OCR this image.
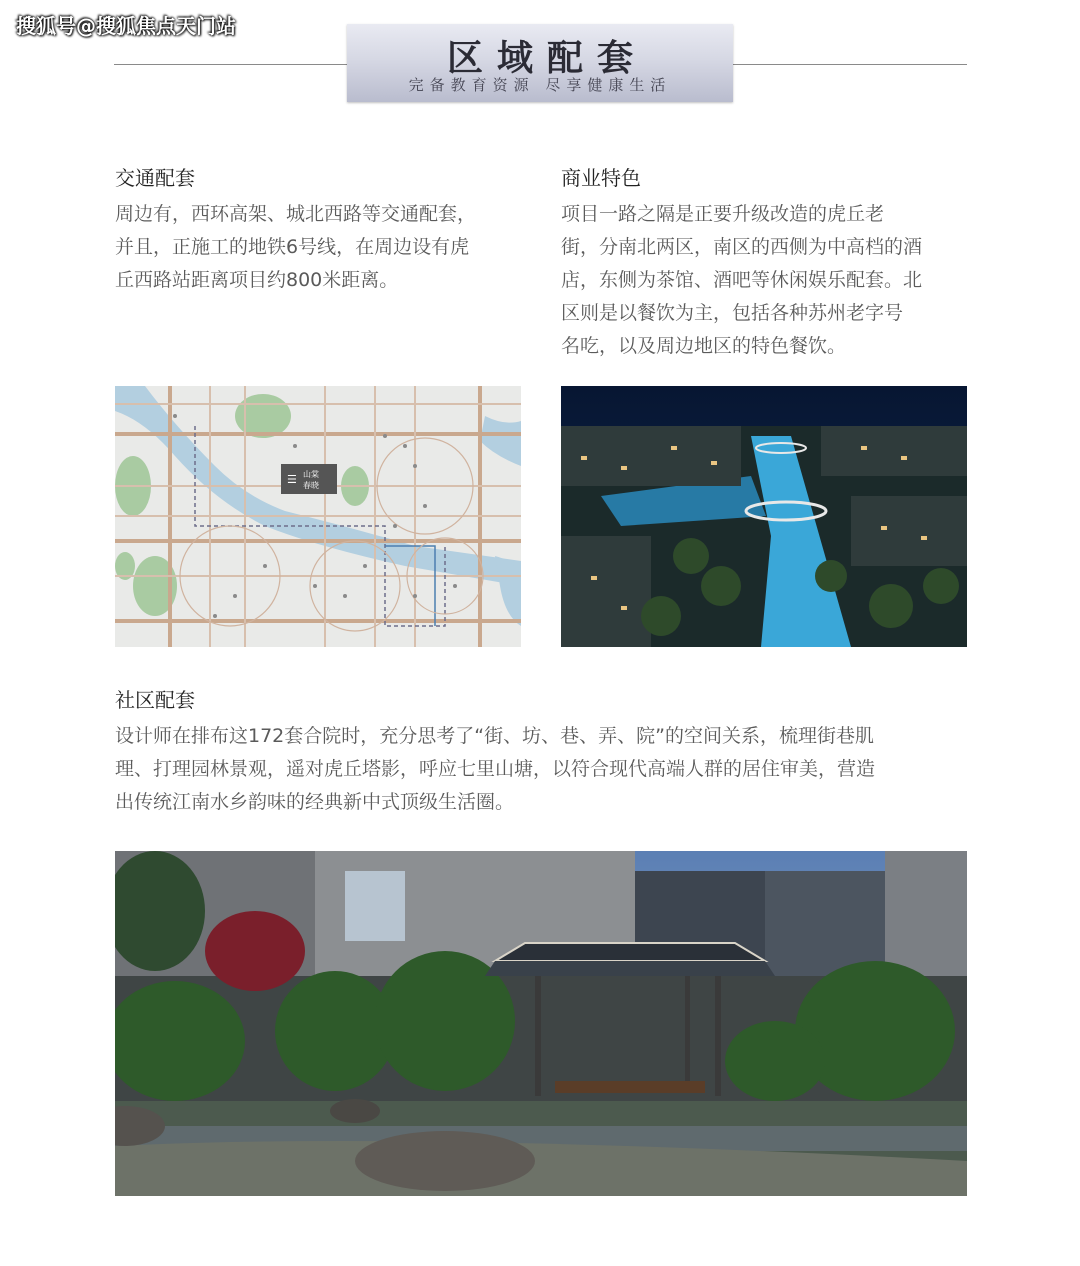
搜狐号@搜狐焦点天门站
区域配套
完备教育资源 尽享健康生活
交通配套
周边有，西环高架、城北西路等交通配套，
并且，正施工的地铁6号线，在周边设有虎
丘西路站距离项目约800米距离。
商业特色
项目一路之隔是正要升级改造的虎丘老
街，分南北两区，南区的西侧为中高档的酒
店，东侧为茶馆、酒吧等休闲娱乐配套。北
区则是以餐饮为主，包括各种苏州老字号
名吃，以及周边地区的特色餐饮。
☰ 山棠
春晓
社区配套
设计师在排布这172套合院时，充分思考了“街、坊、巷、弄、院”的空间关系，梳理街巷肌
理、打理园林景观，遥对虎丘塔影，呼应七里山塘，以符合现代高端人群的居住审美，营造
出传统江南水乡韵味的经典新中式顶级生活圈。
